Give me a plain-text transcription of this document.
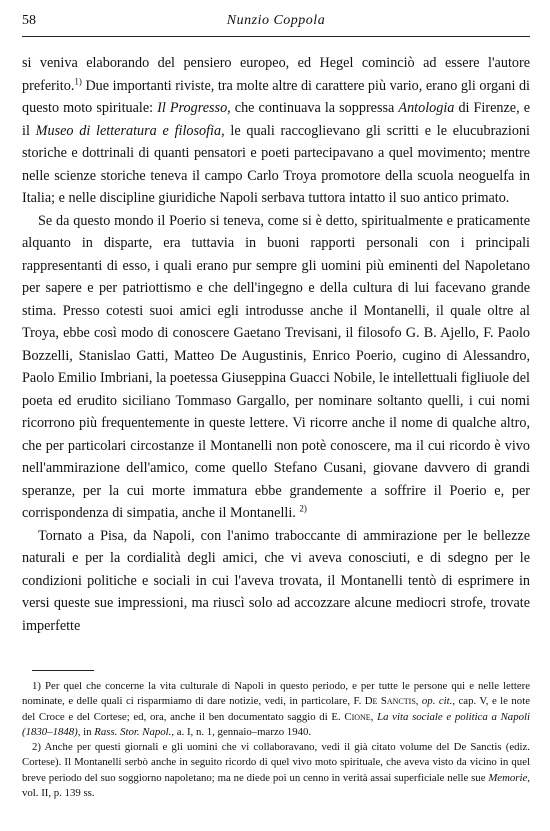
58	Nunzio Coppola

si veniva elaborando del pensiero europeo, ed Hegel cominciò ad essere l'autore preferito.$^{1)}$ Due importanti riviste, tra molte altre di carattere più vario, erano gli organi di questo moto spirituale: Il Progresso, che continuava la soppressa Antologia di Firenze, e il Museo di letteratura e filosofia, le quali raccoglievano gli scritti e le elucubrazioni storiche e dottrinali di quanti pensatori e poeti partecipavano a quel movimento; mentre nelle scienze storiche teneva il campo Carlo Troya promotore della scuola neoguelfa in Italia; e nelle discipline giuridiche Napoli serbava tuttora intatto il suo antico primato.

Se da questo mondo il Poerio si teneva, come si è detto, spiritualmente e praticamente alquanto in disparte, era tuttavia in buoni rapporti personali con i principali rappresentanti di esso, i quali erano pur sempre gli uomini più eminenti del Napoletano per sapere e per patriottismo e che dell'ingegno e della cultura di lui facevano grande stima. Presso cotesti suoi amici egli introdusse anche il Montanelli, il quale oltre al Troya, ebbe così modo di conoscere Gaetano Trevisani, il filosofo G. B. Ajello, F. Paolo Bozzelli, Stanislao Gatti, Matteo De Augustinis, Enrico Poerio, cugino di Alessandro, Paolo Emilio Imbriani, la poetessa Giuseppina Guacci Nobile, le intellettuali figliuole del poeta ed erudito siciliano Tommaso Gargallo, per nominare soltanto quelli, i cui nomi ricorrono più frequentemente in queste lettere. Vi ricorre anche il nome di qualche altro, che per particolari circostanze il Montanelli non potè conoscere, ma il cui ricordo è vivo nell'ammirazione dell'amico, come quello Stefano Cusani, giovane davvero di grandi speranze, per la cui morte immatura ebbe grandemente a soffrire il Poerio e, per corrispondenza di simpatia, anche il Montanelli. $^{2)}$

Tornato a Pisa, da Napoli, con l'animo traboccante di ammirazione per le bellezze naturali e per la cordialità degli amici, che vi aveva conosciuti, e di sdegno per le condizioni politiche e sociali in cui l'aveva trovata, il Montanelli tentò di esprimere in versi queste sue impressioni, ma riuscì solo ad accozzare alcune mediocri strofe, trovate imperfette

1) Per quel che concerne la vita culturale di Napoli in questo periodo, e per tutte le persone qui e nelle lettere nominate, e delle quali ci risparmiamo di dare notizie, vedi, in particolare, F. De Sanctis, op. cit., cap. V, e le note del Croce e del Cortese; ed, ora, anche il ben documentato saggio di E. Cione, La vita sociale e politica a Napoli (1830–1848), in Rass. Stor. Napol., a. I, n. 1, gennaio–marzo 1940.

2) Anche per questi giornali e gli uomini che vi collaboravano, vedi il già citato volume del De Sanctis (ediz. Cortese). Il Montanelli serbò anche in seguito ricordo di quel vivo moto spirituale, che aveva visto da vicino in quel breve periodo del suo soggiorno napoletano; ma ne diede poi un cenno in verità assai superficiale nelle sue Memorie, vol. II, p. 139 ss.
